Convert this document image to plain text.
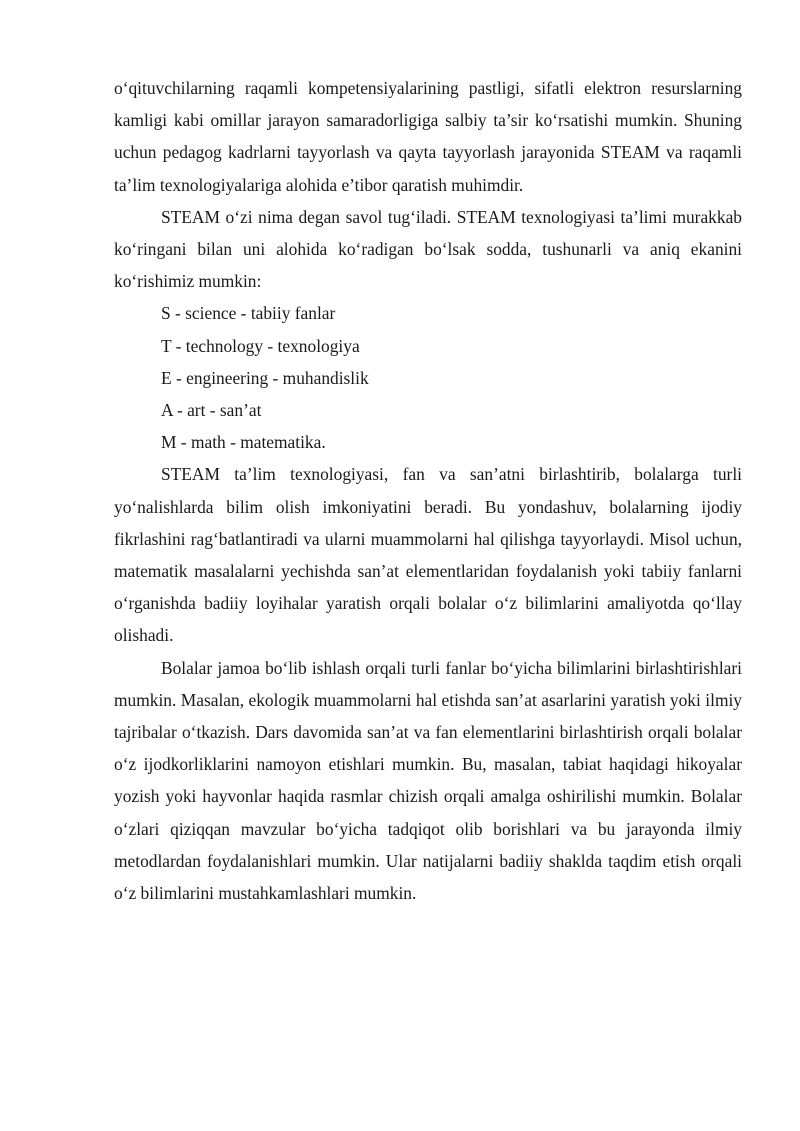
o‘qituvchilarning raqamli kompetensiyalarining pastligi, sifatli elektron resurslarning kamligi kabi omillar jarayon samaradorligiga salbiy ta’sir ko‘rsatishi mumkin. Shuning uchun pedagog kadrlarni tayyorlash va qayta tayyorlash jarayonida STEAM va raqamli ta’lim texnologiyalariga alohida e’tibor qaratish muhimdir.

STEAM o‘zi nima degan savol tug‘iladi. STEAM texnologiyasi ta’limi murakkab ko‘ringani bilan uni alohida ko‘radigan bo‘lsak sodda, tushunarli va aniq ekanini ko‘rishimiz mumkin:

S - science - tabiiy fanlar

T - technology - texnologiya

E - engineering - muhandislik

A - art - san’at

M - math - matematika.

STEAM ta’lim texnologiyasi, fan va san’atni birlashtirib, bolalarga turli yo‘nalishlarda bilim olish imkoniyatini beradi. Bu yondashuv, bolalarning ijodiy fikrlashini rag‘batlantiradi va ularni muammolarni hal qilishga tayyorlaydi. Misol uchun, matematik masalalarni yechishda san’at elementlaridan foydalanish yoki tabiiy fanlarni o‘rganishda badiiy loyihalar yaratish orqali bolalar o‘z bilimlarini amaliyotda qo‘llay olishadi.

Bolalar jamoa bo‘lib ishlash orqali turli fanlar bo‘yicha bilimlarini birlashtirishlari mumkin. Masalan, ekologik muammolarni hal etishda san’at asarlarini yaratish yoki ilmiy tajribalar o‘tkazish. Dars davomida san’at va fan elementlarini birlashtirish orqali bolalar o‘z ijodkorliklarini namoyon etishlari mumkin. Bu, masalan, tabiat haqidagi hikoyalar yozish yoki hayvonlar haqida rasmlar chizish orqali amalga oshirilishi mumkin. Bolalar o‘zlari qiziqqan mavzular bo‘yicha tadqiqot olib borishlari va bu jarayonda ilmiy metodlardan foydalanishlari mumkin. Ular natijalarni badiiy shaklda taqdim etish orqali o‘z bilimlarini mustahkamlashlari mumkin.
